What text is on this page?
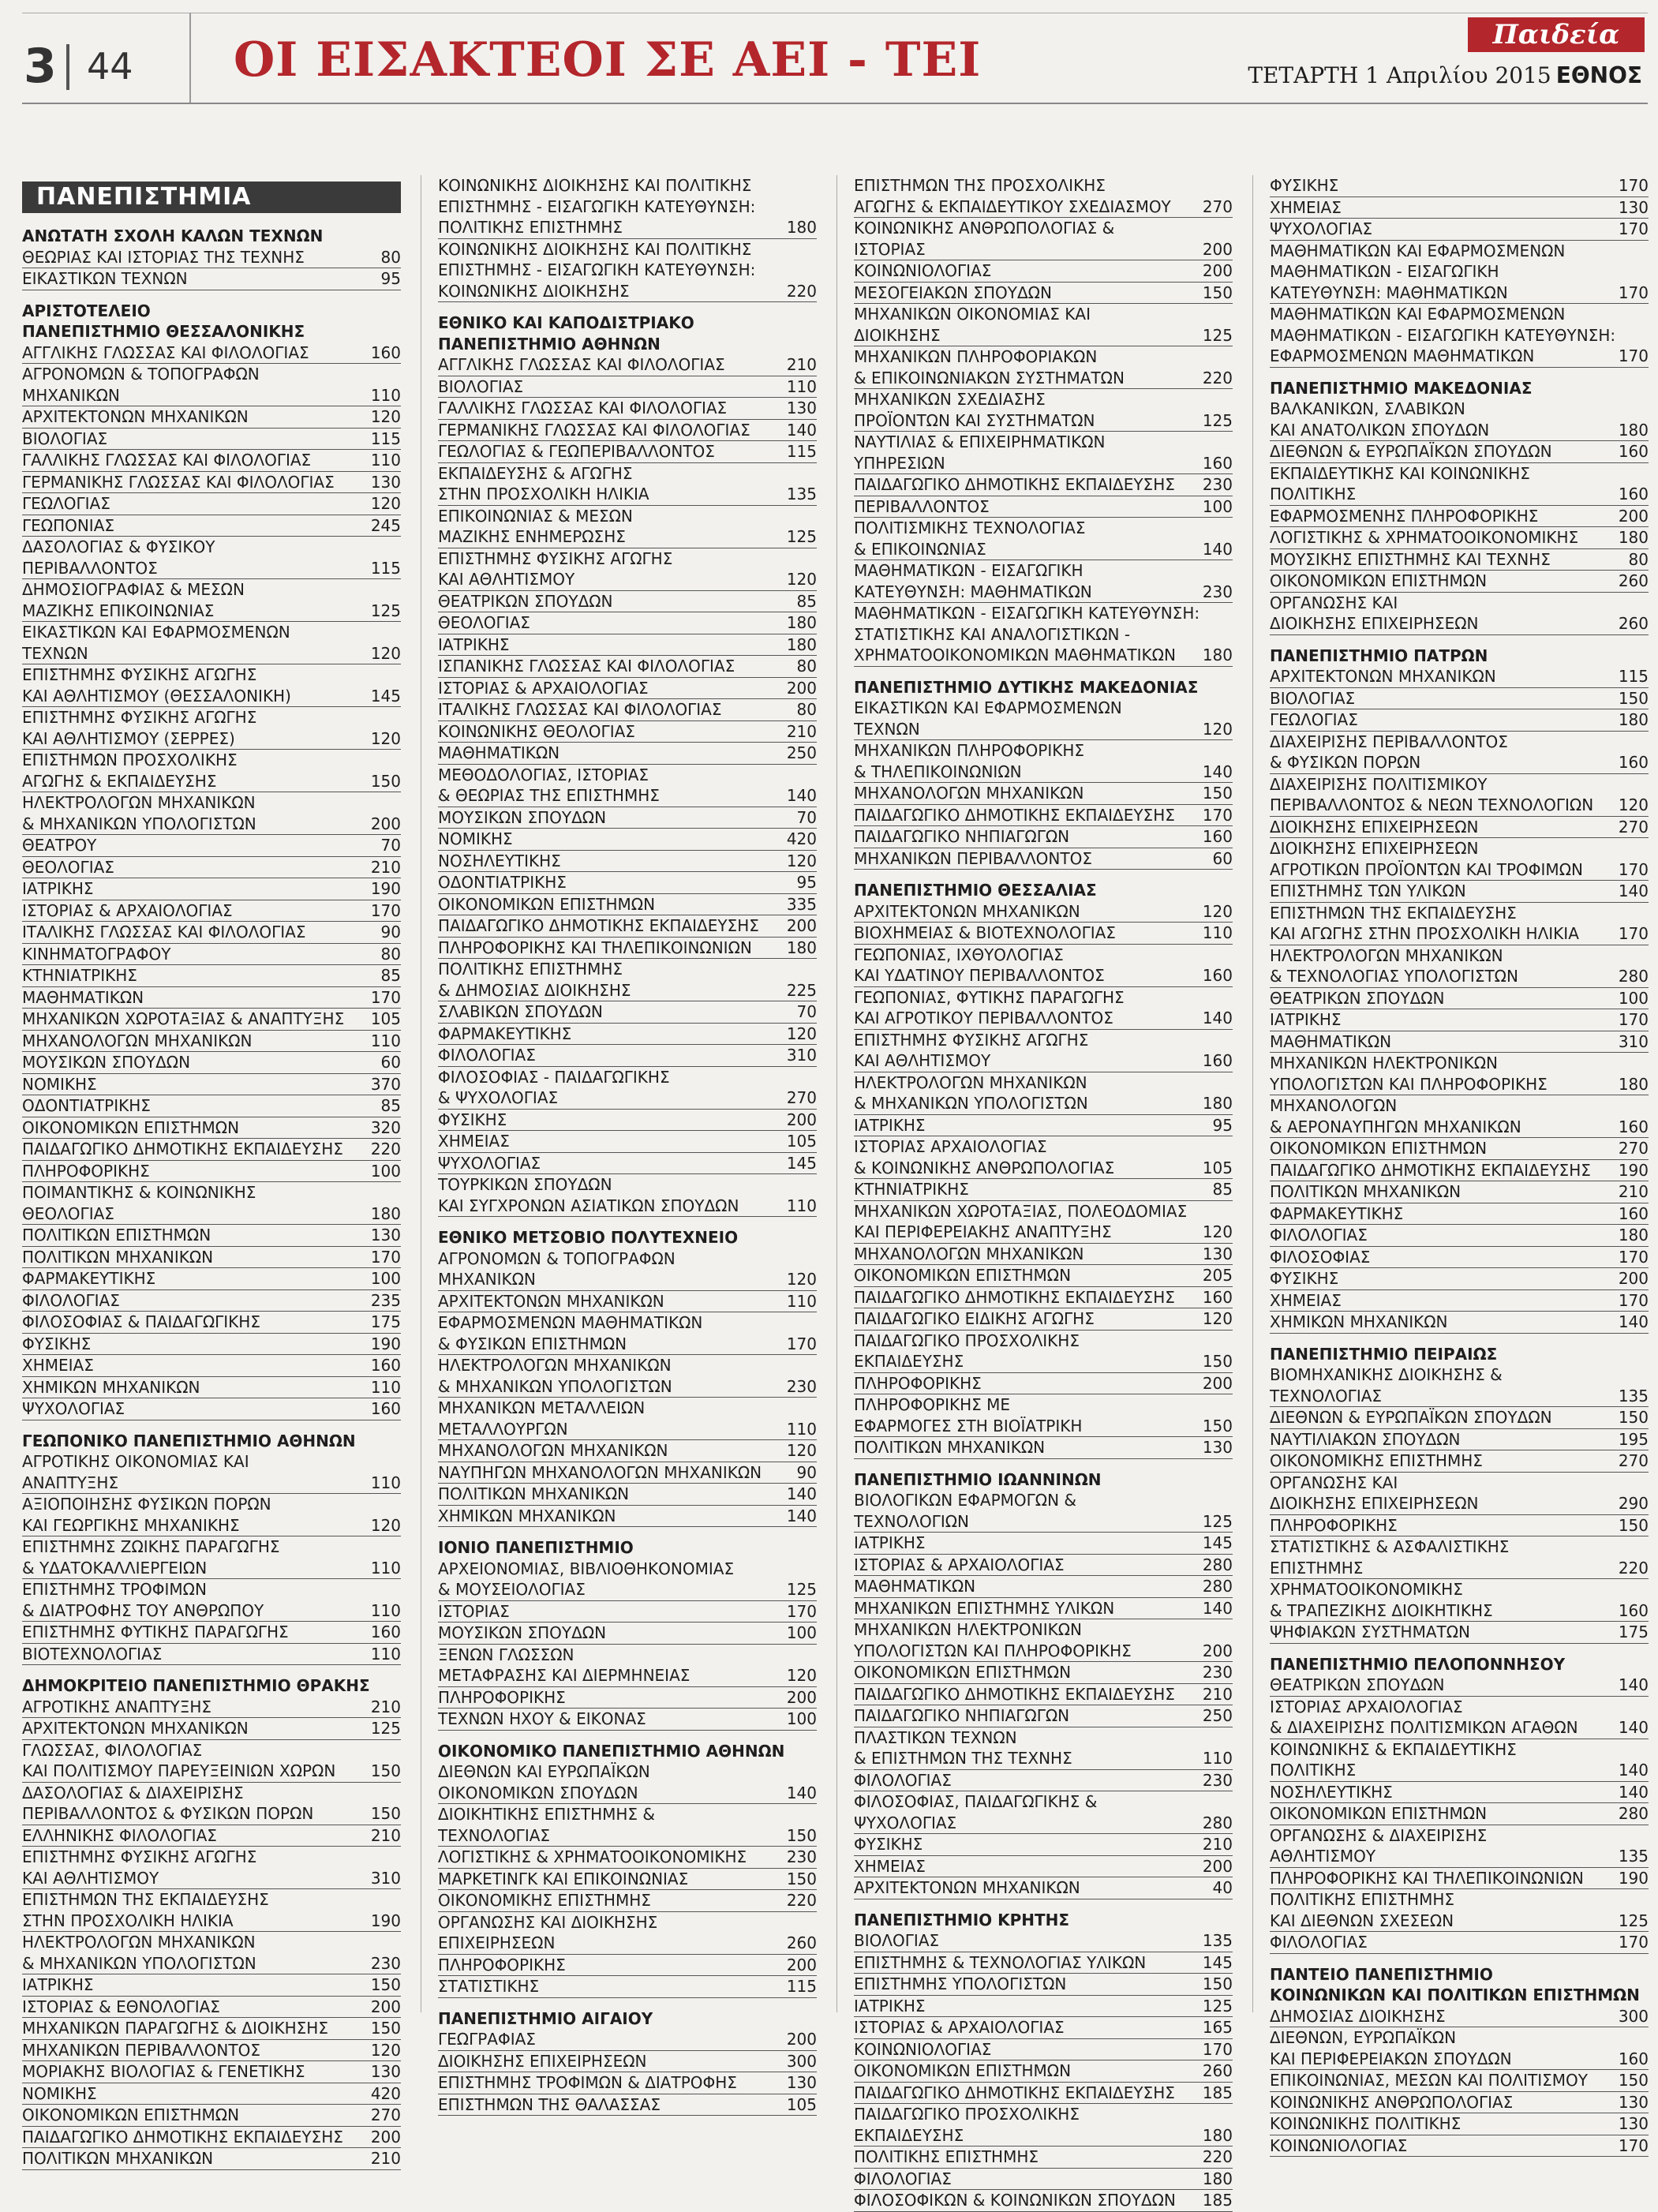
3 44 ΟΙ ΕΙΣΑΚΤΕΟΙ ΣΕ ΑΕΙ - ΤΕΙ	Παιδεία
ΤΕΤΑΡΤΗ 1 Απριλίου 2015 ΕΘΝΟΣ
ΠΑΝΕΠΙΣΤΗΜΙΑ
ΑΝΩΤΑΤΗ ΣΧΟΛΗ ΚΑΛΩΝ ΤΕΧΝΩΝ
ΘΕΩΡΙΑΣ ΚΑΙ ΙΣΤΟΡΙΑΣ ΤΗΣ ΤΕΧΝΗΣ	80
ΕΙΚΑΣΤΙΚΩΝ ΤΕΧΝΩΝ	95
ΑΡΙΣΤΟΤΕΛΕΙΟ
ΠΑΝΕΠΙΣΤΗΜΙΟ ΘΕΣΣΑΛΟΝΙΚΗΣ
ΑΓΓΛΙΚΗΣ ΓΛΩΣΣΑΣ ΚΑΙ ΦΙΛΟΛΟΓΙΑΣ	160
ΑΓΡΟΝΟΜΩΝ & ΤΟΠΟΓΡΑΦΩΝ ΜΗΧΑΝΙΚΩΝ	110
ΑΡΧΙΤΕΚΤΟΝΩΝ ΜΗΧΑΝΙΚΩΝ	120
ΒΙΟΛΟΓΙΑΣ	115
ΓΑΛΛΙΚΗΣ ΓΛΩΣΣΑΣ ΚΑΙ ΦΙΛΟΛΟΓΙΑΣ	110
ΓΕΡΜΑΝΙΚΗΣ ΓΛΩΣΣΑΣ ΚΑΙ ΦΙΛΟΛΟΓΙΑΣ	130
ΓΕΩΛΟΓΙΑΣ	120
ΓΕΩΠΟΝΙΑΣ	245
ΔΑΣΟΛΟΓΙΑΣ & ΦΥΣΙΚΟΥ ΠΕΡΙΒΑΛΛΟΝΤΟΣ	115
ΔΗΜΟΣΙΟΓΡΑΦΙΑΣ & ΜΕΣΩΝ
ΜΑΖΙΚΗΣ ΕΠΙΚΟΙΝΩΝΙΑΣ	125
ΕΙΚΑΣΤΙΚΩΝ ΚΑΙ ΕΦΑΡΜΟΣΜΕΝΩΝ ΤΕΧΝΩΝ	120
ΕΠΙΣΤΗΜΗΣ ΦΥΣΙΚΗΣ ΑΓΩΓΗΣ
ΚΑΙ ΑΘΛΗΤΙΣΜΟΥ (ΘΕΣΣΑΛΟΝΙΚΗ)	145
ΕΠΙΣΤΗΜΗΣ ΦΥΣΙΚΗΣ ΑΓΩΓΗΣ
ΚΑΙ ΑΘΛΗΤΙΣΜΟΥ (ΣΕΡΡΕΣ)	120
ΕΠΙΣΤΗΜΩΝ ΠΡΟΣΧΟΛΙΚΗΣ
ΑΓΩΓΗΣ & ΕΚΠΑΙΔΕΥΣΗΣ	150
ΗΛΕΚΤΡΟΛΟΓΩΝ ΜΗΧΑΝΙΚΩΝ
& ΜΗΧΑΝΙΚΩΝ ΥΠΟΛΟΓΙΣΤΩΝ	200
ΘΕΑΤΡΟΥ	70
ΘΕΟΛΟΓΙΑΣ	210
ΙΑΤΡΙΚΗΣ	190
ΙΣΤΟΡΙΑΣ & ΑΡΧΑΙΟΛΟΓΙΑΣ	170
ΙΤΑΛΙΚΗΣ ΓΛΩΣΣΑΣ ΚΑΙ ΦΙΛΟΛΟΓΙΑΣ	90
ΚΙΝΗΜΑΤΟΓΡΑΦΟΥ	80
ΚΤΗΝΙΑΤΡΙΚΗΣ	85
ΜΑΘΗΜΑΤΙΚΩΝ	170
ΜΗΧΑΝΙΚΩΝ ΧΩΡΟΤΑΞΙΑΣ & ΑΝΑΠΤΥΞΗΣ	105
ΜΗΧΑΝΟΛΟΓΩΝ ΜΗΧΑΝΙΚΩΝ	110
ΜΟΥΣΙΚΩΝ ΣΠΟΥΔΩΝ	60
ΝΟΜΙΚΗΣ	370
ΟΔΟΝΤΙΑΤΡΙΚΗΣ	85
ΟΙΚΟΝΟΜΙΚΩΝ ΕΠΙΣΤΗΜΩΝ	320
ΠΑΙΔΑΓΩΓΙΚΟ ΔΗΜΟΤΙΚΗΣ ΕΚΠΑΙΔΕΥΣΗΣ	220
ΠΛΗΡΟΦΟΡΙΚΗΣ	100
ΠΟΙΜΑΝΤΙΚΗΣ & ΚΟΙΝΩΝΙΚΗΣ ΘΕΟΛΟΓΙΑΣ	180
ΠΟΛΙΤΙΚΩΝ ΕΠΙΣΤΗΜΩΝ	130
ΠΟΛΙΤΙΚΩΝ ΜΗΧΑΝΙΚΩΝ	170
ΦΑΡΜΑΚΕΥΤΙΚΗΣ	100
ΦΙΛΟΛΟΓΙΑΣ	235
ΦΙΛΟΣΟΦΙΑΣ & ΠΑΙΔΑΓΩΓΙΚΗΣ	175
ΦΥΣΙΚΗΣ	190
ΧΗΜΕΙΑΣ	160
ΧΗΜΙΚΩΝ ΜΗΧΑΝΙΚΩΝ	110
ΨΥΧΟΛΟΓΙΑΣ	160
ΓΕΩΠΟΝΙΚΟ ΠΑΝΕΠΙΣΤΗΜΙΟ ΑΘΗΝΩΝ
ΑΓΡΟΤΙΚΗΣ ΟΙΚΟΝΟΜΙΑΣ ΚΑΙ ΑΝΑΠΤΥΞΗΣ	110
ΑΞΙΟΠΟΙΗΣΗΣ ΦΥΣΙΚΩΝ ΠΟΡΩΝ
ΚΑΙ ΓΕΩΡΓΙΚΗΣ ΜΗΧΑΝΙΚΗΣ	120
ΕΠΙΣΤΗΜΗΣ ΖΩΙΚΗΣ ΠΑΡΑΓΩΓΗΣ
& ΥΔΑΤΟΚΑΛΛΙΕΡΓΕΙΩΝ	110
ΕΠΙΣΤΗΜΗΣ ΤΡΟΦΙΜΩΝ
& ΔΙΑΤΡΟΦΗΣ ΤΟΥ ΑΝΘΡΩΠΟΥ	110
ΕΠΙΣΤΗΜΗΣ ΦΥΤΙΚΗΣ ΠΑΡΑΓΩΓΗΣ	160
ΒΙΟΤΕΧΝΟΛΟΓΙΑΣ	110
ΔΗΜΟΚΡΙΤΕΙΟ ΠΑΝΕΠΙΣΤΗΜΙΟ ΘΡΑΚΗΣ
ΑΓΡΟΤΙΚΗΣ ΑΝΑΠΤΥΞΗΣ	210
ΑΡΧΙΤΕΚΤΟΝΩΝ ΜΗΧΑΝΙΚΩΝ	125
ΓΛΩΣΣΑΣ, ΦΙΛΟΛΟΓΙΑΣ
ΚΑΙ ΠΟΛΙΤΙΣΜΟΥ ΠΑΡΕΥΞΕΙΝΙΩΝ ΧΩΡΩΝ	150
ΔΑΣΟΛΟΓΙΑΣ & ΔΙΑΧΕΙΡΙΣΗΣ
ΠΕΡΙΒΑΛΛΟΝΤΟΣ & ΦΥΣΙΚΩΝ ΠΟΡΩΝ	150
ΕΛΛΗΝΙΚΗΣ ΦΙΛΟΛΟΓΙΑΣ	210
ΕΠΙΣΤΗΜΗΣ ΦΥΣΙΚΗΣ ΑΓΩΓΗΣ
ΚΑΙ ΑΘΛΗΤΙΣΜΟΥ	310
ΕΠΙΣΤΗΜΩΝ ΤΗΣ ΕΚΠΑΙΔΕΥΣΗΣ
ΣΤΗΝ ΠΡΟΣΧΟΛΙΚΗ ΗΛΙΚΙΑ	190
ΗΛΕΚΤΡΟΛΟΓΩΝ ΜΗΧΑΝΙΚΩΝ
& ΜΗΧΑΝΙΚΩΝ ΥΠΟΛΟΓΙΣΤΩΝ	230
ΙΑΤΡΙΚΗΣ	150
ΙΣΤΟΡΙΑΣ & ΕΘΝΟΛΟΓΙΑΣ	200
ΜΗΧΑΝΙΚΩΝ ΠΑΡΑΓΩΓΗΣ & ΔΙΟΙΚΗΣΗΣ	150
ΜΗΧΑΝΙΚΩΝ ΠΕΡΙΒΑΛΛΟΝΤΟΣ	120
ΜΟΡΙΑΚΗΣ ΒΙΟΛΟΓΙΑΣ & ΓΕΝΕΤΙΚΗΣ	130
ΝΟΜΙΚΗΣ	420
ΟΙΚΟΝΟΜΙΚΩΝ ΕΠΙΣΤΗΜΩΝ	270
ΠΑΙΔΑΓΩΓΙΚΟ ΔΗΜΟΤΙΚΗΣ ΕΚΠΑΙΔΕΥΣΗΣ	200
ΠΟΛΙΤΙΚΩΝ ΜΗΧΑΝΙΚΩΝ	210
ΚΟΙΝΩΝΙΚΗΣ ΔΙΟΙΚΗΣΗΣ ΚΑΙ ΠΟΛΙΤΙΚΗΣ
ΕΠΙΣΤΗΜΗΣ - ΕΙΣΑΓΩΓΙΚΗ ΚΑΤΕΥΘΥΝΣΗ:
ΠΟΛΙΤΙΚΗΣ ΕΠΙΣΤΗΜΗΣ	180
ΚΟΙΝΩΝΙΚΗΣ ΔΙΟΙΚΗΣΗΣ ΚΑΙ ΠΟΛΙΤΙΚΗΣ
ΕΠΙΣΤΗΜΗΣ - ΕΙΣΑΓΩΓΙΚΗ ΚΑΤΕΥΘΥΝΣΗ:
ΚΟΙΝΩΝΙΚΗΣ ΔΙΟΙΚΗΣΗΣ	220
ΕΘΝΙΚΟ ΚΑΙ ΚΑΠΟΔΙΣΤΡΙΑΚΟ
ΠΑΝΕΠΙΣΤΗΜΙΟ ΑΘΗΝΩΝ
ΑΓΓΛΙΚΗΣ ΓΛΩΣΣΑΣ ΚΑΙ ΦΙΛΟΛΟΓΙΑΣ	210
ΒΙΟΛΟΓΙΑΣ	110
ΓΑΛΛΙΚΗΣ ΓΛΩΣΣΑΣ ΚΑΙ ΦΙΛΟΛΟΓΙΑΣ	130
ΓΕΡΜΑΝΙΚΗΣ ΓΛΩΣΣΑΣ ΚΑΙ ΦΙΛΟΛΟΓΙΑΣ	140
ΓΕΩΛΟΓΙΑΣ & ΓΕΩΠΕΡΙΒΑΛΛΟΝΤΟΣ	115
ΕΚΠΑΙΔΕΥΣΗΣ & ΑΓΩΓΗΣ
ΣΤΗΝ ΠΡΟΣΧΟΛΙΚΗ ΗΛΙΚΙΑ	135
ΕΠΙΚΟΙΝΩΝΙΑΣ & ΜΕΣΩΝ
ΜΑΖΙΚΗΣ ΕΝΗΜΕΡΩΣΗΣ	125
ΕΠΙΣΤΗΜΗΣ ΦΥΣΙΚΗΣ ΑΓΩΓΗΣ
ΚΑΙ ΑΘΛΗΤΙΣΜΟΥ	120
ΘΕΑΤΡΙΚΩΝ ΣΠΟΥΔΩΝ	85
ΘΕΟΛΟΓΙΑΣ	180
ΙΑΤΡΙΚΗΣ	180
ΙΣΠΑΝΙΚΗΣ ΓΛΩΣΣΑΣ ΚΑΙ ΦΙΛΟΛΟΓΙΑΣ	80
ΙΣΤΟΡΙΑΣ & ΑΡΧΑΙΟΛΟΓΙΑΣ	200
ΙΤΑΛΙΚΗΣ ΓΛΩΣΣΑΣ ΚΑΙ ΦΙΛΟΛΟΓΙΑΣ	80
ΚΟΙΝΩΝΙΚΗΣ ΘΕΟΛΟΓΙΑΣ	210
ΜΑΘΗΜΑΤΙΚΩΝ	250
ΜΕΘΟΔΟΛΟΓΙΑΣ, ΙΣΤΟΡΙΑΣ
& ΘΕΩΡΙΑΣ ΤΗΣ ΕΠΙΣΤΗΜΗΣ	140
ΜΟΥΣΙΚΩΝ ΣΠΟΥΔΩΝ	70
ΝΟΜΙΚΗΣ	420
ΝΟΣΗΛΕΥΤΙΚΗΣ	120
ΟΔΟΝΤΙΑΤΡΙΚΗΣ	95
ΟΙΚΟΝΟΜΙΚΩΝ ΕΠΙΣΤΗΜΩΝ	335
ΠΑΙΔΑΓΩΓΙΚΟ ΔΗΜΟΤΙΚΗΣ ΕΚΠΑΙΔΕΥΣΗΣ	200
ΠΛΗΡΟΦΟΡΙΚΗΣ ΚΑΙ ΤΗΛΕΠΙΚΟΙΝΩΝΙΩΝ	180
ΠΟΛΙΤΙΚΗΣ ΕΠΙΣΤΗΜΗΣ
& ΔΗΜΟΣΙΑΣ ΔΙΟΙΚΗΣΗΣ	225
ΣΛΑΒΙΚΩΝ ΣΠΟΥΔΩΝ	70
ΦΑΡΜΑΚΕΥΤΙΚΗΣ	120
ΦΙΛΟΛΟΓΙΑΣ	310
ΦΙΛΟΣΟΦΙΑΣ - ΠΑΙΔΑΓΩΓΙΚΗΣ
& ΨΥΧΟΛΟΓΙΑΣ	270
ΦΥΣΙΚΗΣ	200
ΧΗΜΕΙΑΣ	105
ΨΥΧΟΛΟΓΙΑΣ	145
ΤΟΥΡΚΙΚΩΝ ΣΠΟΥΔΩΝ
ΚΑΙ ΣΥΓΧΡΟΝΩΝ ΑΣΙΑΤΙΚΩΝ ΣΠΟΥΔΩΝ	110
ΕΘΝΙΚΟ ΜΕΤΣΟΒΙΟ ΠΟΛΥΤΕΧΝΕΙΟ
ΑΓΡΟΝΟΜΩΝ & ΤΟΠΟΓΡΑΦΩΝ ΜΗΧΑΝΙΚΩΝ	120
ΑΡΧΙΤΕΚΤΟΝΩΝ ΜΗΧΑΝΙΚΩΝ	110
ΕΦΑΡΜΟΣΜΕΝΩΝ ΜΑΘΗΜΑΤΙΚΩΝ
& ΦΥΣΙΚΩΝ ΕΠΙΣΤΗΜΩΝ	170
ΗΛΕΚΤΡΟΛΟΓΩΝ ΜΗΧΑΝΙΚΩΝ
& ΜΗΧΑΝΙΚΩΝ ΥΠΟΛΟΓΙΣΤΩΝ	230
ΜΗΧΑΝΙΚΩΝ ΜΕΤΑΛΛΕΙΩΝ ΜΕΤΑΛΛΟΥΡΓΩΝ	110
ΜΗΧΑΝΟΛΟΓΩΝ ΜΗΧΑΝΙΚΩΝ	120
ΝΑΥΠΗΓΩΝ ΜΗΧΑΝΟΛΟΓΩΝ ΜΗΧΑΝΙΚΩΝ	90
ΠΟΛΙΤΙΚΩΝ ΜΗΧΑΝΙΚΩΝ	140
ΧΗΜΙΚΩΝ ΜΗΧΑΝΙΚΩΝ	140
ΙΟΝΙΟ ΠΑΝΕΠΙΣΤΗΜΙΟ
ΑΡΧΕΙΟΝΟΜΙΑΣ, ΒΙΒΛΙΟΘΗΚΟΝΟΜΙΑΣ
& ΜΟΥΣΕΙΟΛΟΓΙΑΣ	125
ΙΣΤΟΡΙΑΣ	170
ΜΟΥΣΙΚΩΝ ΣΠΟΥΔΩΝ	100
ΞΕΝΩΝ ΓΛΩΣΣΩΝ
ΜΕΤΑΦΡΑΣΗΣ ΚΑΙ ΔΙΕΡΜΗΝΕΙΑΣ	120
ΠΛΗΡΟΦΟΡΙΚΗΣ	200
ΤΕΧΝΩΝ ΗΧΟΥ & ΕΙΚΟΝΑΣ	100
ΟΙΚΟΝΟΜΙΚΟ ΠΑΝΕΠΙΣΤΗΜΙΟ ΑΘΗΝΩΝ
ΔΙΕΘΝΩΝ ΚΑΙ ΕΥΡΩΠΑΪΚΩΝ
ΟΙΚΟΝΟΜΙΚΩΝ ΣΠΟΥΔΩΝ	140
ΔΙΟΙΚΗΤΙΚΗΣ ΕΠΙΣΤΗΜΗΣ & ΤΕΧΝΟΛΟΓΙΑΣ	150
ΛΟΓΙΣΤΙΚΗΣ & ΧΡΗΜΑΤΟΟΙΚΟΝΟΜΙΚΗΣ	230
ΜΑΡΚΕΤΙΝΓΚ ΚΑΙ ΕΠΙΚΟΙΝΩΝΙΑΣ	150
ΟΙΚΟΝΟΜΙΚΗΣ ΕΠΙΣΤΗΜΗΣ	220
ΟΡΓΑΝΩΣΗΣ ΚΑΙ ΔΙΟΙΚΗΣΗΣ
ΕΠΙΧΕΙΡΗΣΕΩΝ	260
ΠΛΗΡΟΦΟΡΙΚΗΣ	200
ΣΤΑΤΙΣΤΙΚΗΣ	115
ΠΑΝΕΠΙΣΤΗΜΙΟ ΑΙΓΑΙΟΥ
ΓΕΩΓΡΑΦΙΑΣ	200
ΔΙΟΙΚΗΣΗΣ ΕΠΙΧΕΙΡΗΣΕΩΝ	300
ΕΠΙΣΤΗΜΗΣ ΤΡΟΦΙΜΩΝ & ΔΙΑΤΡΟΦΗΣ	130
ΕΠΙΣΤΗΜΩΝ ΤΗΣ ΘΑΛΑΣΣΑΣ	105
ΕΠΙΣΤΗΜΩΝ ΤΗΣ ΠΡΟΣΧΟΛΙΚΗΣ
ΑΓΩΓΗΣ & ΕΚΠΑΙΔΕΥΤΙΚΟΥ ΣΧΕΔΙΑΣΜΟΥ	270
ΚΟΙΝΩΝΙΚΗΣ ΑΝΘΡΩΠΟΛΟΓΙΑΣ & ΙΣΤΟΡΙΑΣ	200
ΚΟΙΝΩΝΙΟΛΟΓΙΑΣ	200
ΜΕΣΟΓΕΙΑΚΩΝ ΣΠΟΥΔΩΝ	150
ΜΗΧΑΝΙΚΩΝ ΟΙΚΟΝΟΜΙΑΣ ΚΑΙ ΔΙΟΙΚΗΣΗΣ	125
ΜΗΧΑΝΙΚΩΝ ΠΛΗΡΟΦΟΡΙΑΚΩΝ
& ΕΠΙΚΟΙΝΩΝΙΑΚΩΝ ΣΥΣΤΗΜΑΤΩΝ	220
ΜΗΧΑΝΙΚΩΝ ΣΧΕΔΙΑΣΗΣ
ΠΡΟΪΟΝΤΩΝ ΚΑΙ ΣΥΣΤΗΜΑΤΩΝ	125
ΝΑΥΤΙΛΙΑΣ & ΕΠΙΧΕΙΡΗΜΑΤΙΚΩΝ ΥΠΗΡΕΣΙΩΝ	160
ΠΑΙΔΑΓΩΓΙΚΟ ΔΗΜΟΤΙΚΗΣ ΕΚΠΑΙΔΕΥΣΗΣ	230
ΠΕΡΙΒΑΛΛΟΝΤΟΣ	100
ΠΟΛΙΤΙΣΜΙΚΗΣ ΤΕΧΝΟΛΟΓΙΑΣ
& ΕΠΙΚΟΙΝΩΝΙΑΣ	140
ΜΑΘΗΜΑΤΙΚΩΝ - ΕΙΣΑΓΩΓΙΚΗ
ΚΑΤΕΥΘΥΝΣΗ: ΜΑΘΗΜΑΤΙΚΩΝ	230
ΜΑΘΗΜΑΤΙΚΩΝ - ΕΙΣΑΓΩΓΙΚΗ ΚΑΤΕΥΘΥΝΣΗ:
ΣΤΑΤΙΣΤΙΚΗΣ ΚΑΙ ΑΝΑΛΟΓΙΣΤΙΚΩΝ -
ΧΡΗΜΑΤΟΟΙΚΟΝΟΜΙΚΩΝ ΜΑΘΗΜΑΤΙΚΩΝ	180
ΠΑΝΕΠΙΣΤΗΜΙΟ ΔΥΤΙΚΗΣ ΜΑΚΕΔΟΝΙΑΣ
ΕΙΚΑΣΤΙΚΩΝ ΚΑΙ ΕΦΑΡΜΟΣΜΕΝΩΝ ΤΕΧΝΩΝ	120
ΜΗΧΑΝΙΚΩΝ ΠΛΗΡΟΦΟΡΙΚΗΣ
& ΤΗΛΕΠΙΚΟΙΝΩΝΙΩΝ	140
ΜΗΧΑΝΟΛΟΓΩΝ ΜΗΧΑΝΙΚΩΝ	150
ΠΑΙΔΑΓΩΓΙΚΟ ΔΗΜΟΤΙΚΗΣ ΕΚΠΑΙΔΕΥΣΗΣ	170
ΠΑΙΔΑΓΩΓΙΚΟ ΝΗΠΙΑΓΩΓΩΝ	160
ΜΗΧΑΝΙΚΩΝ ΠΕΡΙΒΑΛΛΟΝΤΟΣ	60
ΠΑΝΕΠΙΣΤΗΜΙΟ ΘΕΣΣΑΛΙΑΣ
ΑΡΧΙΤΕΚΤΟΝΩΝ ΜΗΧΑΝΙΚΩΝ	120
ΒΙΟΧΗΜΕΙΑΣ & ΒΙΟΤΕΧΝΟΛΟΓΙΑΣ	110
ΓΕΩΠΟΝΙΑΣ, ΙΧΘΥΟΛΟΓΙΑΣ
ΚΑΙ ΥΔΑΤΙΝΟΥ ΠΕΡΙΒΑΛΛΟΝΤΟΣ	160
ΓΕΩΠΟΝΙΑΣ, ΦΥΤΙΚΗΣ ΠΑΡΑΓΩΓΗΣ
ΚΑΙ ΑΓΡΟΤΙΚΟΥ ΠΕΡΙΒΑΛΛΟΝΤΟΣ	140
ΕΠΙΣΤΗΜΗΣ ΦΥΣΙΚΗΣ ΑΓΩΓΗΣ
ΚΑΙ ΑΘΛΗΤΙΣΜΟΥ	160
ΗΛΕΚΤΡΟΛΟΓΩΝ ΜΗΧΑΝΙΚΩΝ
& ΜΗΧΑΝΙΚΩΝ ΥΠΟΛΟΓΙΣΤΩΝ	180
ΙΑΤΡΙΚΗΣ	95
ΙΣΤΟΡΙΑΣ ΑΡΧΑΙΟΛΟΓΙΑΣ
& ΚΟΙΝΩΝΙΚΗΣ ΑΝΘΡΩΠΟΛΟΓΙΑΣ	105
ΚΤΗΝΙΑΤΡΙΚΗΣ	85
ΜΗΧΑΝΙΚΩΝ ΧΩΡΟΤΑΞΙΑΣ, ΠΟΛΕΟΔΟΜΙΑΣ
ΚΑΙ ΠΕΡΙΦΕΡΕΙΑΚΗΣ ΑΝΑΠΤΥΞΗΣ	120
ΜΗΧΑΝΟΛΟΓΩΝ ΜΗΧΑΝΙΚΩΝ	130
ΟΙΚΟΝΟΜΙΚΩΝ ΕΠΙΣΤΗΜΩΝ	205
ΠΑΙΔΑΓΩΓΙΚΟ ΔΗΜΟΤΙΚΗΣ ΕΚΠΑΙΔΕΥΣΗΣ	160
ΠΑΙΔΑΓΩΓΙΚΟ ΕΙΔΙΚΗΣ ΑΓΩΓΗΣ	120
ΠΑΙΔΑΓΩΓΙΚΟ ΠΡΟΣΧΟΛΙΚΗΣ ΕΚΠΑΙΔΕΥΣΗΣ	150
ΠΛΗΡΟΦΟΡΙΚΗΣ	200
ΠΛΗΡΟΦΟΡΙΚΗΣ ΜΕ
ΕΦΑΡΜΟΓΕΣ ΣΤΗ ΒΙΟΪΑΤΡΙΚΗ	150
ΠΟΛΙΤΙΚΩΝ ΜΗΧΑΝΙΚΩΝ	130
ΠΑΝΕΠΙΣΤΗΜΙΟ ΙΩΑΝΝΙΝΩΝ
ΒΙΟΛΟΓΙΚΩΝ ΕΦΑΡΜΟΓΩΝ & ΤΕΧΝΟΛΟΓΙΩΝ	125
ΙΑΤΡΙΚΗΣ	145
ΙΣΤΟΡΙΑΣ & ΑΡΧΑΙΟΛΟΓΙΑΣ	280
ΜΑΘΗΜΑΤΙΚΩΝ	280
ΜΗΧΑΝΙΚΩΝ ΕΠΙΣΤΗΜΗΣ ΥΛΙΚΩΝ	140
ΜΗΧΑΝΙΚΩΝ ΗΛΕΚΤΡΟΝΙΚΩΝ
ΥΠΟΛΟΓΙΣΤΩΝ ΚΑΙ ΠΛΗΡΟΦΟΡΙΚΗΣ	200
ΟΙΚΟΝΟΜΙΚΩΝ ΕΠΙΣΤΗΜΩΝ	230
ΠΑΙΔΑΓΩΓΙΚΟ ΔΗΜΟΤΙΚΗΣ ΕΚΠΑΙΔΕΥΣΗΣ	210
ΠΑΙΔΑΓΩΓΙΚΟ ΝΗΠΙΑΓΩΓΩΝ	250
ΠΛΑΣΤΙΚΩΝ ΤΕΧΝΩΝ
& ΕΠΙΣΤΗΜΩΝ ΤΗΣ ΤΕΧΝΗΣ	110
ΦΙΛΟΛΟΓΙΑΣ	230
ΦΙΛΟΣΟΦΙΑΣ, ΠΑΙΔΑΓΩΓΙΚΗΣ & ΨΥΧΟΛΟΓΙΑΣ	280
ΦΥΣΙΚΗΣ	210
ΧΗΜΕΙΑΣ	200
ΑΡΧΙΤΕΚΤΟΝΩΝ ΜΗΧΑΝΙΚΩΝ	40
ΠΑΝΕΠΙΣΤΗΜΙΟ ΚΡΗΤΗΣ
ΒΙΟΛΟΓΙΑΣ	135
ΕΠΙΣΤΗΜΗΣ & ΤΕΧΝΟΛΟΓΙΑΣ ΥΛΙΚΩΝ	145
ΕΠΙΣΤΗΜΗΣ ΥΠΟΛΟΓΙΣΤΩΝ	150
ΙΑΤΡΙΚΗΣ	125
ΙΣΤΟΡΙΑΣ & ΑΡΧΑΙΟΛΟΓΙΑΣ	165
ΚΟΙΝΩΝΙΟΛΟΓΙΑΣ	170
ΟΙΚΟΝΟΜΙΚΩΝ ΕΠΙΣΤΗΜΩΝ	260
ΠΑΙΔΑΓΩΓΙΚΟ ΔΗΜΟΤΙΚΗΣ ΕΚΠΑΙΔΕΥΣΗΣ	185
ΠΑΙΔΑΓΩΓΙΚΟ ΠΡΟΣΧΟΛΙΚΗΣ ΕΚΠΑΙΔΕΥΣΗΣ	180
ΠΟΛΙΤΙΚΗΣ ΕΠΙΣΤΗΜΗΣ	220
ΦΙΛΟΛΟΓΙΑΣ	180
ΦΙΛΟΣΟΦΙΚΩΝ & ΚΟΙΝΩΝΙΚΩΝ ΣΠΟΥΔΩΝ	185
ΦΥΣΙΚΗΣ	170
ΧΗΜΕΙΑΣ	130
ΨΥΧΟΛΟΓΙΑΣ	170
ΜΑΘΗΜΑΤΙΚΩΝ ΚΑΙ ΕΦΑΡΜΟΣΜΕΝΩΝ
ΜΑΘΗΜΑΤΙΚΩΝ - ΕΙΣΑΓΩΓΙΚΗ
ΚΑΤΕΥΘΥΝΣΗ: ΜΑΘΗΜΑΤΙΚΩΝ	170
ΜΑΘΗΜΑΤΙΚΩΝ ΚΑΙ ΕΦΑΡΜΟΣΜΕΝΩΝ
ΜΑΘΗΜΑΤΙΚΩΝ - ΕΙΣΑΓΩΓΙΚΗ ΚΑΤΕΥΘΥΝΣΗ:
ΕΦΑΡΜΟΣΜΕΝΩΝ ΜΑΘΗΜΑΤΙΚΩΝ	170
ΠΑΝΕΠΙΣΤΗΜΙΟ ΜΑΚΕΔΟΝΙΑΣ
ΒΑΛΚΑΝΙΚΩΝ, ΣΛΑΒΙΚΩΝ
ΚΑΙ ΑΝΑΤΟΛΙΚΩΝ ΣΠΟΥΔΩΝ	180
ΔΙΕΘΝΩΝ & ΕΥΡΩΠΑΪΚΩΝ ΣΠΟΥΔΩΝ	160
ΕΚΠΑΙΔΕΥΤΙΚΗΣ ΚΑΙ ΚΟΙΝΩΝΙΚΗΣ ΠΟΛΙΤΙΚΗΣ	160
ΕΦΑΡΜΟΣΜΕΝΗΣ ΠΛΗΡΟΦΟΡΙΚΗΣ	200
ΛΟΓΙΣΤΙΚΗΣ & ΧΡΗΜΑΤΟΟΙΚΟΝΟΜΙΚΗΣ	180
ΜΟΥΣΙΚΗΣ ΕΠΙΣΤΗΜΗΣ ΚΑΙ ΤΕΧΝΗΣ	80
ΟΙΚΟΝΟΜΙΚΩΝ ΕΠΙΣΤΗΜΩΝ	260
ΟΡΓΑΝΩΣΗΣ ΚΑΙ
ΔΙΟΙΚΗΣΗΣ ΕΠΙΧΕΙΡΗΣΕΩΝ	260
ΠΑΝΕΠΙΣΤΗΜΙΟ ΠΑΤΡΩΝ
ΑΡΧΙΤΕΚΤΟΝΩΝ ΜΗΧΑΝΙΚΩΝ	115
ΒΙΟΛΟΓΙΑΣ	150
ΓΕΩΛΟΓΙΑΣ	180
ΔΙΑΧΕΙΡΙΣΗΣ ΠΕΡΙΒΑΛΛΟΝΤΟΣ
& ΦΥΣΙΚΩΝ ΠΟΡΩΝ	160
ΔΙΑΧΕΙΡΙΣΗΣ ΠΟΛΙΤΙΣΜΙΚΟΥ
ΠΕΡΙΒΑΛΛΟΝΤΟΣ & ΝΕΩΝ ΤΕΧΝΟΛΟΓΙΩΝ	120
ΔΙΟΙΚΗΣΗΣ ΕΠΙΧΕΙΡΗΣΕΩΝ	270
ΔΙΟΙΚΗΣΗΣ ΕΠΙΧΕΙΡΗΣΕΩΝ
ΑΓΡΟΤΙΚΩΝ ΠΡΟΪΟΝΤΩΝ ΚΑΙ ΤΡΟΦΙΜΩΝ	170
ΕΠΙΣΤΗΜΗΣ ΤΩΝ ΥΛΙΚΩΝ	140
ΕΠΙΣΤΗΜΩΝ ΤΗΣ ΕΚΠΑΙΔΕΥΣΗΣ
ΚΑΙ ΑΓΩΓΗΣ ΣΤΗΝ ΠΡΟΣΧΟΛΙΚΗ ΗΛΙΚΙΑ	170
ΗΛΕΚΤΡΟΛΟΓΩΝ ΜΗΧΑΝΙΚΩΝ
& ΤΕΧΝΟΛΟΓΙΑΣ ΥΠΟΛΟΓΙΣΤΩΝ	280
ΘΕΑΤΡΙΚΩΝ ΣΠΟΥΔΩΝ	100
ΙΑΤΡΙΚΗΣ	170
ΜΑΘΗΜΑΤΙΚΩΝ	310
ΜΗΧΑΝΙΚΩΝ ΗΛΕΚΤΡΟΝΙΚΩΝ
ΥΠΟΛΟΓΙΣΤΩΝ ΚΑΙ ΠΛΗΡΟΦΟΡΙΚΗΣ	180
ΜΗΧΑΝΟΛΟΓΩΝ
& ΑΕΡΟΝΑΥΠΗΓΩΝ ΜΗΧΑΝΙΚΩΝ	160
ΟΙΚΟΝΟΜΙΚΩΝ ΕΠΙΣΤΗΜΩΝ	270
ΠΑΙΔΑΓΩΓΙΚΟ ΔΗΜΟΤΙΚΗΣ ΕΚΠΑΙΔΕΥΣΗΣ	190
ΠΟΛΙΤΙΚΩΝ ΜΗΧΑΝΙΚΩΝ	210
ΦΑΡΜΑΚΕΥΤΙΚΗΣ	160
ΦΙΛΟΛΟΓΙΑΣ	180
ΦΙΛΟΣΟΦΙΑΣ	170
ΦΥΣΙΚΗΣ	200
ΧΗΜΕΙΑΣ	170
ΧΗΜΙΚΩΝ ΜΗΧΑΝΙΚΩΝ	140
ΠΑΝΕΠΙΣΤΗΜΙΟ ΠΕΙΡΑΙΩΣ
ΒΙΟΜΗΧΑΝΙΚΗΣ ΔΙΟΙΚΗΣΗΣ & ΤΕΧΝΟΛΟΓΙΑΣ	135
ΔΙΕΘΝΩΝ & ΕΥΡΩΠΑΪΚΩΝ ΣΠΟΥΔΩΝ	150
ΝΑΥΤΙΛΙΑΚΩΝ ΣΠΟΥΔΩΝ	195
ΟΙΚΟΝΟΜΙΚΗΣ ΕΠΙΣΤΗΜΗΣ	270
ΟΡΓΑΝΩΣΗΣ ΚΑΙ
ΔΙΟΙΚΗΣΗΣ ΕΠΙΧΕΙΡΗΣΕΩΝ	290
ΠΛΗΡΟΦΟΡΙΚΗΣ	150
ΣΤΑΤΙΣΤΙΚΗΣ & ΑΣΦΑΛΙΣΤΙΚΗΣ ΕΠΙΣΤΗΜΗΣ	220
ΧΡΗΜΑΤΟΟΙΚΟΝΟΜΙΚΗΣ
& ΤΡΑΠΕΖΙΚΗΣ ΔΙΟΙΚΗΤΙΚΗΣ	160
ΨΗΦΙΑΚΩΝ ΣΥΣΤΗΜΑΤΩΝ	175
ΠΑΝΕΠΙΣΤΗΜΙΟ ΠΕΛΟΠΟΝΝΗΣΟΥ
ΘΕΑΤΡΙΚΩΝ ΣΠΟΥΔΩΝ	140
ΙΣΤΟΡΙΑΣ ΑΡΧΑΙΟΛΟΓΙΑΣ
& ΔΙΑΧΕΙΡΙΣΗΣ ΠΟΛΙΤΙΣΜΙΚΩΝ ΑΓΑΘΩΝ	140
ΚΟΙΝΩΝΙΚΗΣ & ΕΚΠΑΙΔΕΥΤΙΚΗΣ ΠΟΛΙΤΙΚΗΣ	140
ΝΟΣΗΛΕΥΤΙΚΗΣ	140
ΟΙΚΟΝΟΜΙΚΩΝ ΕΠΙΣΤΗΜΩΝ	280
ΟΡΓΑΝΩΣΗΣ & ΔΙΑΧΕΙΡΙΣΗΣ ΑΘΛΗΤΙΣΜΟΥ	135
ΠΛΗΡΟΦΟΡΙΚΗΣ ΚΑΙ ΤΗΛΕΠΙΚΟΙΝΩΝΙΩΝ	190
ΠΟΛΙΤΙΚΗΣ ΕΠΙΣΤΗΜΗΣ
ΚΑΙ ΔΙΕΘΝΩΝ ΣΧΕΣΕΩΝ	125
ΦΙΛΟΛΟΓΙΑΣ	170
ΠΑΝΤΕΙΟ ΠΑΝΕΠΙΣΤΗΜΙΟ
ΚΟΙΝΩΝΙΚΩΝ ΚΑΙ ΠΟΛΙΤΙΚΩΝ ΕΠΙΣΤΗΜΩΝ
ΔΗΜΟΣΙΑΣ ΔΙΟΙΚΗΣΗΣ	300
ΔΙΕΘΝΩΝ, ΕΥΡΩΠΑΪΚΩΝ
ΚΑΙ ΠΕΡΙΦΕΡΕΙΑΚΩΝ ΣΠΟΥΔΩΝ	160
ΕΠΙΚΟΙΝΩΝΙΑΣ, ΜΕΣΩΝ ΚΑΙ ΠΟΛΙΤΙΣΜΟΥ	150
ΚΟΙΝΩΝΙΚΗΣ ΑΝΘΡΩΠΟΛΟΓΙΑΣ	130
ΚΟΙΝΩΝΙΚΗΣ ΠΟΛΙΤΙΚΗΣ	130
ΚΟΙΝΩΝΙΟΛΟΓΙΑΣ	170
